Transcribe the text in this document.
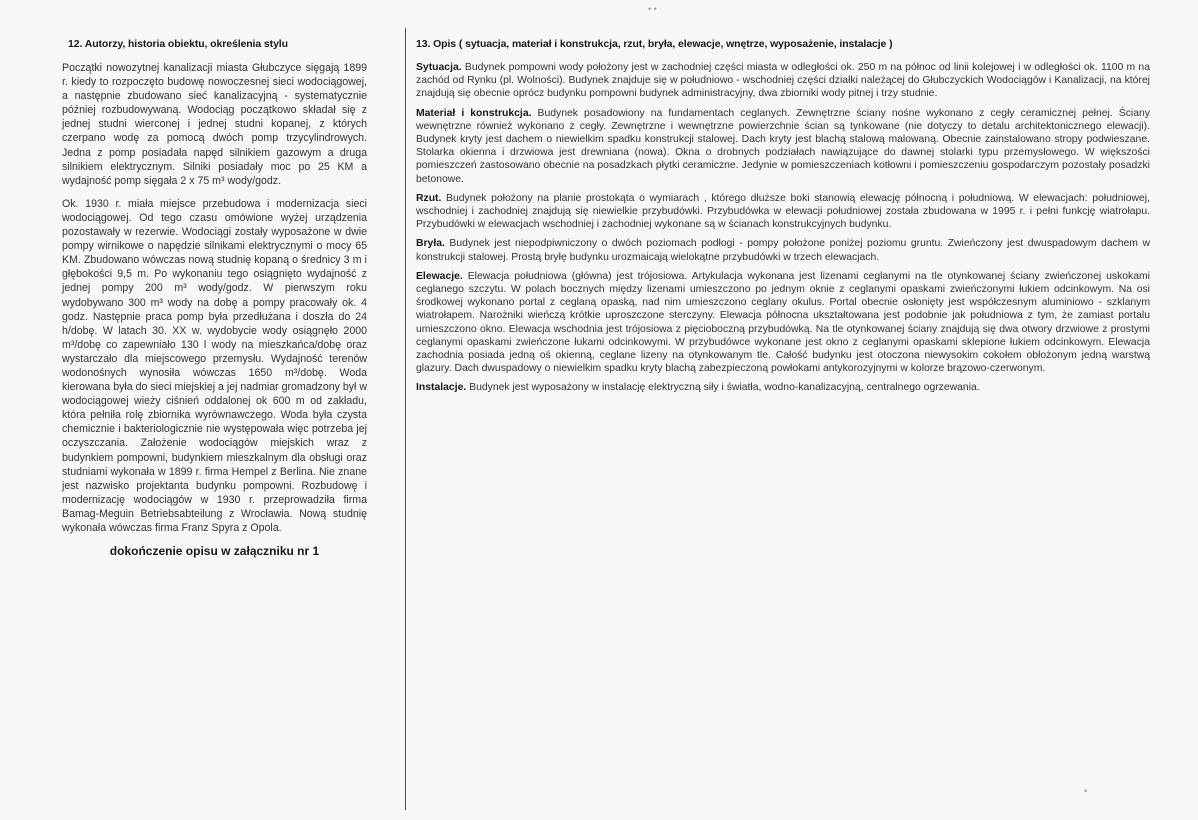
12. Autorzy, historia obiektu, określenia stylu

Początki nowozytnej kanalizacji miasta Głubczyce sięgają 1899 r. kiedy to rozpoczęto budowę nowoczesnej sieci wodociągowej, a następnie zbudowano sieć kanalizacyjną - systematycznie później rozbudowywaną. Wodociąg początkowo składał się z jednej studni wierconej i jednej studni kopanej, z których czerpano wodę za pomocą dwóch pomp trzycylindrowych. Jedna z pomp posiadała napęd silnikiem gazowym a druga silnikiem elektrycznym. Silniki posiadały moc po 25 KM a wydajność pomp sięgała 2 x 75 m³ wody/godz.

Ok. 1930 r. miała miejsce przebudowa i modernizacja sieci wodociągowej. Od tego czasu omówione wyżej urządzenia pozostawały w rezerwie. Wodociągi zostały wyposażone w dwie pompy wirnikowe o napędzie silnikami elektrycznymi o mocy 65 KM. Zbudowano wówczas nową studnię kopaną o średnicy 3 m i głębokości 9,5 m. Po wykonaniu tego osiągnięto wydajność z jednej pompy 200 m³ wody/godz. W pierwszym roku wydobywano 300 m³ wody na dobę a pompy pracowały ok. 4 godz. Następnie praca pomp była przedłużana i doszła do 24 h/dobę. W latach 30. XX w. wydobycie wody osiągnęło 2000 m³/dobę co zapewniało 130 l wody na mieszkańca/dobę oraz wystarczało dla miejscowego przemysłu. Wydajność terenów wodonośnych wynosiła wówczas 1650 m³/dobę. Woda kierowana była do sieci miejskiej a jej nadmiar gromadzony był w wodociągowej wieży ciśnień oddalonej ok 600 m od zakładu, która pełniła rolę zbiornika wyrównawczego. Woda była czysta chemicznie i bakteriologicznie nie występowała więc potrzeba jej oczyszczania. Założenie wodociągów miejskich wraz z budynkiem pompowni, budynkiem mieszkalnym dla obsługi oraz studniami wykonała w 1899 r. firma Hempel z Berlina. Nie znane jest nazwisko projektanta budynku pompowni. Rozbudowę i modernizację wodociągów w 1930 r. przeprowadziła firma Bamag-Meguin Betriebsabteilung z Wrocławia. Nową studnię wykonała wówczas firma Franz Spyra z Opola.

dokończenie opisu w załączniku nr 1
13. Opis ( sytuacja, materiał i konstrukcja, rzut, bryła, elewacje, wnętrze, wyposażenie, instalacje )

Sytuacja. Budynek pompowni wody położony jest w zachodniej części miasta w odległości ok. 250 m na północ od linii kolejowej i w odległości ok. 1100 m na zachód od Rynku (pl. Wolności). Budynek znajduje się w południowo - wschodniej części działki należącej do Głubczyckich Wodociągów i Kanalizacji, na której znajdują się obecnie oprócz budynku pompowni budynek administracyjny, dwa zbiorniki wody pitnej i trzy studnie.

Materiał i konstrukcja. Budynek posadowiony na fundamentach ceglanych. Zewnętrzne ściany nośne wykonano z cegły ceramicznej pełnej. Ściany wewnętrzne również wykonano z cegły. Zewnętrzne i wewnętrzne powierzchnie ścian są tynkowane (nie dotyczy to detalu architektonicznego elewacji). Budynek kryty jest dachem o niewielkim spadku konstrukcji stalowej. Dach kryty jest blachą stalową malowaną. Obecnie zainstalowano stropy podwieszane. Stolarka okienna i drzwiowa jest drewniana (nowa). Okna o drobnych podziałach nawiązujące do dawnej stolarki typu przemysłowego. W większości pomieszczeń zastosowano obecnie na posadzkach płytki ceramiczne. Jedynie w pomieszczeniach kotłowni i pomieszczeniu gospodarczym pozostały posadzki betonowe.

Rzut. Budynek położony na planie prostokąta o wymiarach , którego dłuższe boki stanowią elewację północną i południową. W elewacjach: południowej, wschodniej i zachodniej znajdują się niewielkie przybudówki. Przybudówka w elewacji południowej została zbudowana w 1995 r. i pełni funkcję wiatrołapu. Przybudówki w elewacjach wschodniej i zachodniej wykonane są w ścianach konstrukcyjnych budynku.

Bryła. Budynek jest niepodpiwniczony o dwóch poziomach podłogi - pompy położone poniżej poziomu gruntu. Zwieńczony jest dwuspadowym dachem w konstrukcji stalowej. Prostą bryłę budynku urozmaicają wielokątne przybudówki w trzech elewacjach.

Elewacje. Elewacja południowa (główna) jest trójosiowa. Artykulacja wykonana jest lizenami ceglanymi na tle otynkowanej ściany zwieńczonej uskokami ceglanego szczytu. W polach bocznych między lizenami umieszczono po jednym oknie z ceglanymi opaskami zwieńczonymi łukiem odcinkowym. Na osi środkowej wykonano portal z ceglaną opaską, nad nim umieszczono ceglany okulus. Portal obecnie osłonięty jest współczesnym aluminiowo - szklanym wiatrołapem. Narożniki wieńczą krótkie uproszczone sterczyny. Elewacja północna ukształtowana jest podobnie jak południowa z tym, że zamiast portalu umieszczono okno. Elewacja wschodnia jest trójosiowa z pięcioboczną przybudówką. Na tle otynkowanej ściany znajdują się dwa otwory drzwiowe z prostymi ceglanymi opaskami zwieńczone łukami odcinkowymi. W przybudówce wykonane jest okno z ceglanymi opaskami sklepione łukiem odcinkowym. Elewacja zachodnia posiada jedną oś okienną, ceglane lizeny na otynkowanym tle. Całość budynku jest otoczona niewysokim cokołem obłożonym jedną warstwą glazury. Dach dwuspadowy o niewielkim spadku kryty blachą zabezpieczoną powłokami antykorozyjnymi w kolorze brązowo-czerwonym.

Instalacje. Budynek jest wyposażony w instalację elektryczną siły i światła, wodno-kanalizacyjną, centralnego ogrzewania.

• •
•
